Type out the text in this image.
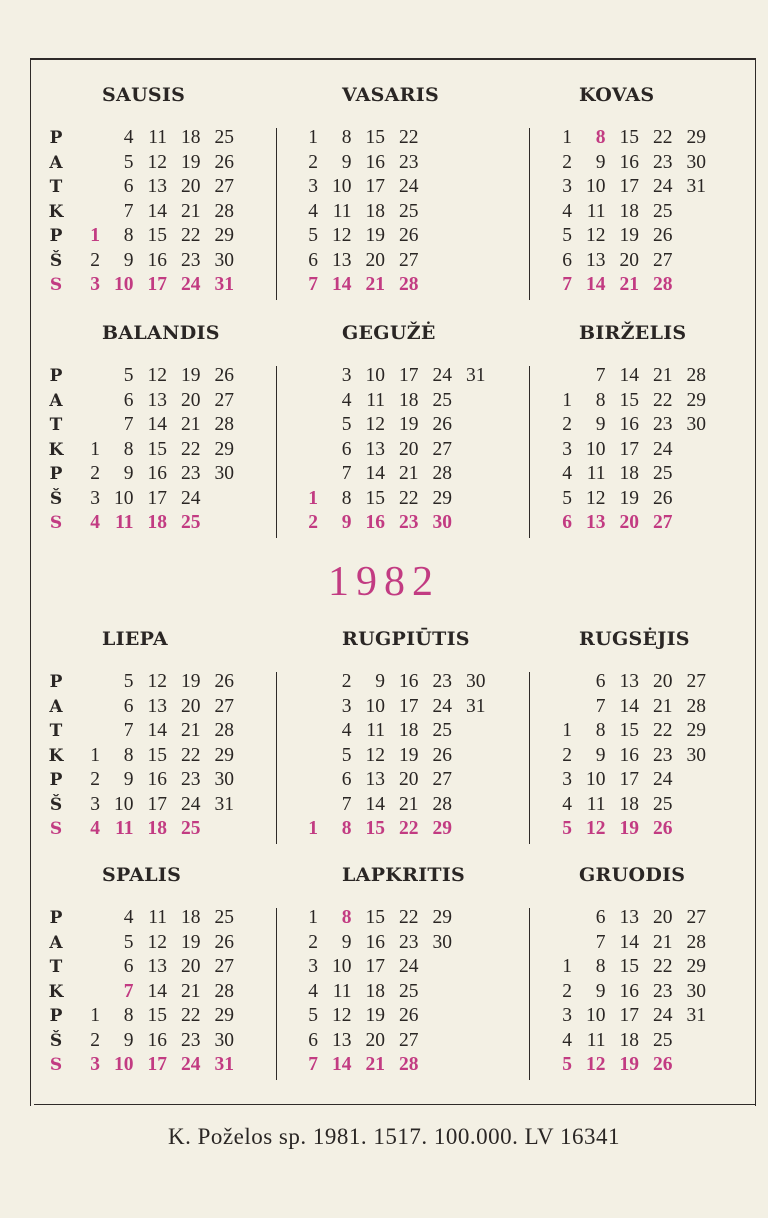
SAUSIS
P
A
T
K
P
Š
S
4 11 18 25
5 12 19 26
6 13 20 27
7 14 21 28
1 8 15 22 29
2 9 16 23 30
3 10 17 24 31
VASARIS
1 8 15 22
2 9 16 23
3 10 17 24
4 11 18 25
5 12 19 26
6 13 20 27
7 14 21 28
KOVAS
1 8 15 22 29
2 9 16 23 30
3 10 17 24 31
4 11 18 25
5 12 19 26
6 13 20 27
7 14 21 28
BALANDIS
P
A
T
K
P
Š
S
5 12 19 26
6 13 20 27
7 14 21 28
1 8 15 22 29
2 9 16 23 30
3 10 17 24
4 11 18 25
GEGUŽĖ
3 10 17 24 31
4 11 18 25
5 12 19 26
6 13 20 27
7 14 21 28
1 8 15 22 29
2 9 16 23 30
BIRŽELIS
7 14 21 28
1 8 15 22 29
2 9 16 23 30
3 10 17 24
4 11 18 25
5 12 19 26
6 13 20 27
LIEPA
P
A
T
K
P
Š
S
5 12 19 26
6 13 20 27
7 14 21 28
1 8 15 22 29
2 9 16 23 30
3 10 17 24 31
4 11 18 25
RUGPIŪTIS
2 9 16 23 30
3 10 17 24 31
4 11 18 25
5 12 19 26
6 13 20 27
7 14 21 28
1 8 15 22 29
RUGSĖJIS
6 13 20 27
7 14 21 28
1 8 15 22 29
2 9 16 23 30
3 10 17 24
4 11 18 25
5 12 19 26
SPALIS
P
A
T
K
P
Š
S
4 11 18 25
5 12 19 26
6 13 20 27
7 14 21 28
1 8 15 22 29
2 9 16 23 30
3 10 17 24 31
LAPKRITIS
1 8 15 22 29
2 9 16 23 30
3 10 17 24
4 11 18 25
5 12 19 26
6 13 20 27
7 14 21 28
GRUODIS
6 13 20 27
7 14 21 28
1 8 15 22 29
2 9 16 23 30
3 10 17 24 31
4 11 18 25
5 12 19 26
1982
K. Poželos sp. 1981. 1517. 100.000. LV 16341
